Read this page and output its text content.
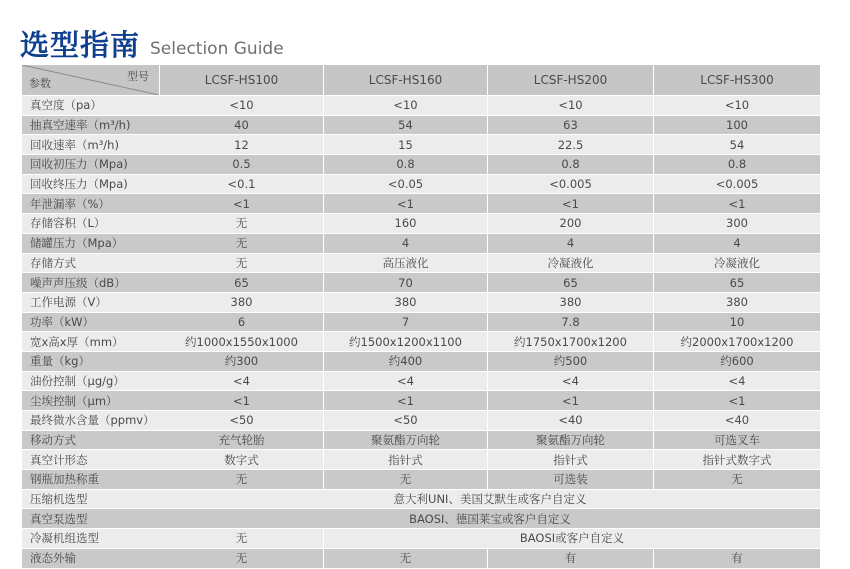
选型指南 Selection Guide
型号
参数	LCSF-HS100	LCSF-HS160	LCSF-HS200	LCSF-HS300
真空度（pa）	<10	<10	<10	<10
抽真空速率（m³/h)	40	54	63	100
回收速率（m³/h)	12	15	22.5	54
回收初压力（Mpa)	0.5	0.8	0.8	0.8
回收终压力（Mpa)	<0.1	<0.05	<0.005	<0.005
年泄漏率（%）	<1	<1	<1	<1
存储容积（L）	无	160	200	300
储罐压力（Mpa）	无	4	4	4
存储方式	无	高压液化	冷凝液化	冷凝液化
噪声声压级（dB）	65	70	65	65
工作电源（V）	380	380	380	380
功率（kW）	6	7	7.8	10
宽x高x厚（mm）	约1000x1550x1000	约1500x1200x1100	约1750x1700x1200	约2000x1700x1200
重量（kg）	约300	约400	约500	约600
油份控制（μg/g）	<4	<4	<4	<4
尘埃控制（μm）	<1	<1	<1	<1
最终微水含量（ppmv）	<50	<50	<40	<40
移动方式	充气轮胎	聚氨酯万向轮	聚氨酯万向轮	可选叉车
真空计形态	数字式	指针式	指针式	指针式数字式
钢瓶加热称重	无	无	可选装	无
压缩机选型	意大利UNI、美国艾默生或客户自定义			
真空泵选型	BAOSI、德国莱宝或客户自定义			
冷凝机组选型	无	BAOSI或客户自定义		
液态外输	无	无	有	有
